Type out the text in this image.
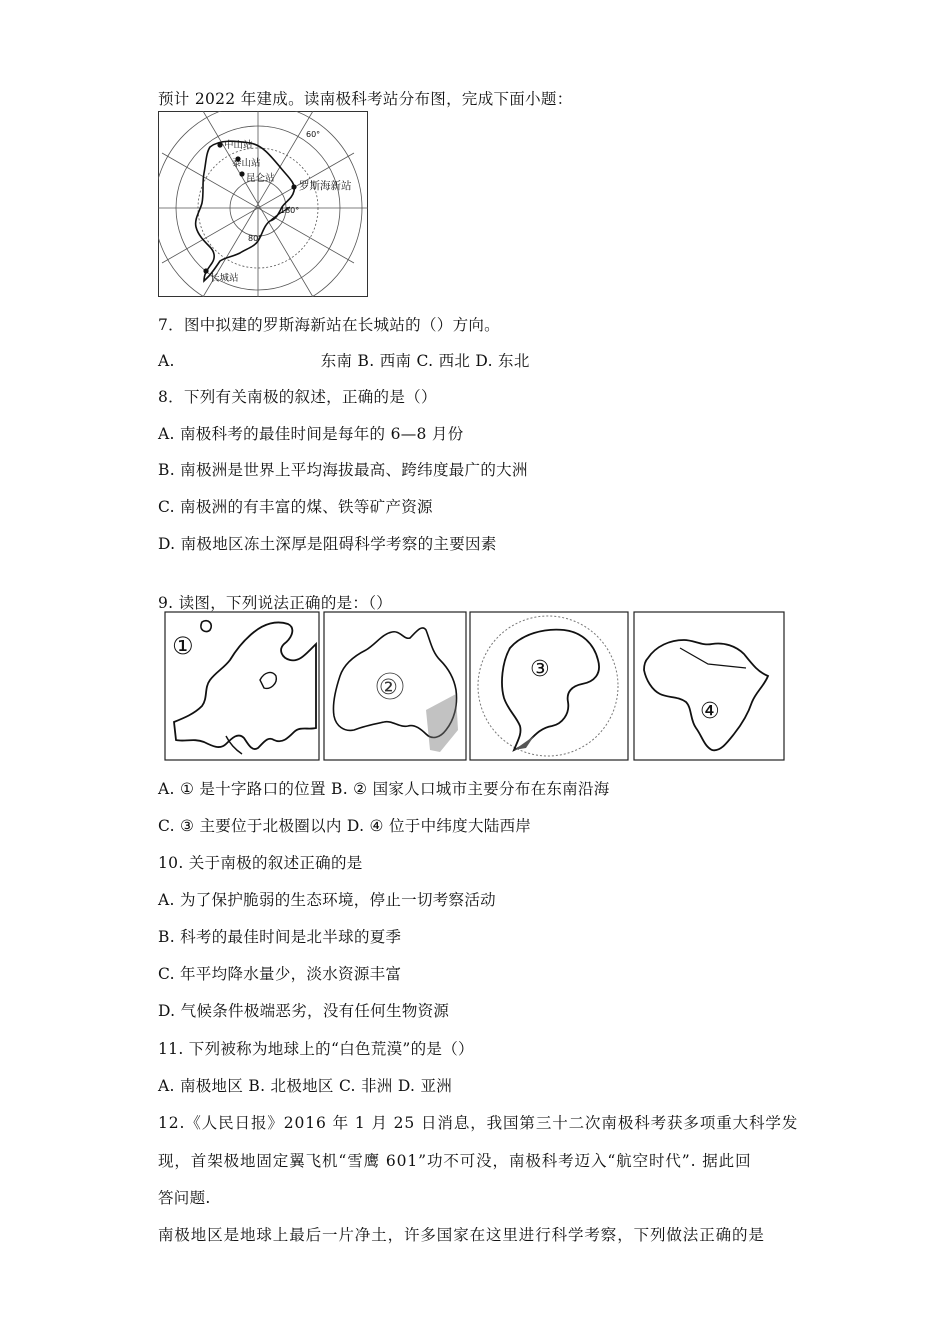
预计 2022 年建成。读南极科考站分布图，完成下面小题：
中山站
泰山站
昆仑站
罗斯海新站
长城站
60°
180°
80°
7．图中拟建的罗斯海新站在长城站的（）方向。
A.	东南 B. 西南 C. 西北 D. 东北
8．下列有关南极的叙述，正确的是（）
A. 南极科考的最佳时间是每年的 6—8 月份
B. 南极洲是世界上平均海拔最高、跨纬度最广的大洲
C. 南极洲的有丰富的煤、铁等矿产资源
D. 南极地区冻土深厚是阻碍科学考察的主要因素
9. 读图，下列说法正确的是：（）
①
②
③
④
A. ① 是十字路口的位置 B. ② 国家人口城市主要分布在东南沿海
C. ③ 主要位于北极圈以内 D. ④ 位于中纬度大陆西岸
10. 关于南极的叙述正确的是
A. 为了保护脆弱的生态环境，停止一切考察活动
B. 科考的最佳时间是北半球的夏季
C. 年平均降水量少，淡水资源丰富
D. 气候条件极端恶劣，没有任何生物资源
11. 下列被称为地球上的“白色荒漠”的是（）
A. 南极地区 B. 北极地区 C. 非洲 D. 亚洲
12.《人民日报》2016 年 1 月 25 日消息，我国第三十二次南极科考获多项重大科学发
现，首架极地固定翼飞机“雪鹰 601”功不可没，南极科考迈入“航空时代”. 据此回
答问题.
南极地区是地球上最后一片净土，许多国家在这里进行科学考察，下列做法正确的是
